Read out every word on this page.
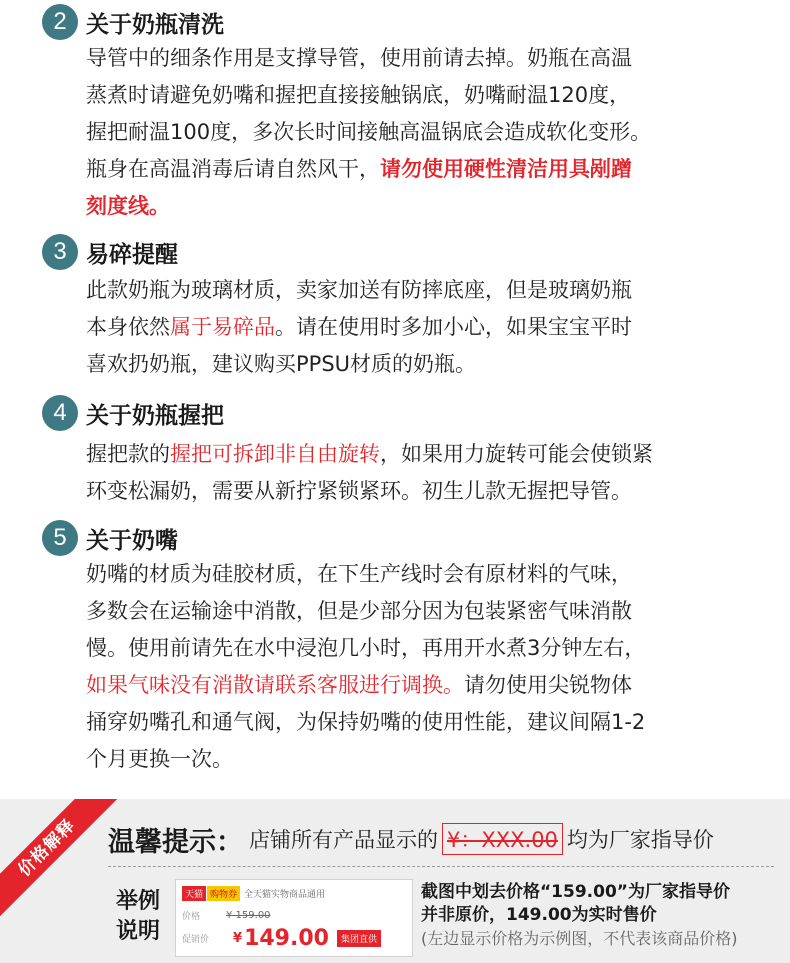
2 关于奶瓶清洗
导管中的细条作用是支撑导管，使用前请去掉。奶瓶在高温
蒸煮时请避免奶嘴和握把直接接触锅底，奶嘴耐温120度，
握把耐温100度，多次长时间接触高温锅底会造成软化变形。
瓶身在高温消毒后请自然风干，请勿使用硬性清洁用具剐蹭
刻度线。
3 易碎提醒
此款奶瓶为玻璃材质，卖家加送有防摔底座，但是玻璃奶瓶
本身依然属于易碎品。请在使用时多加小心，如果宝宝平时
喜欢扔奶瓶，建议购买PPSU材质的奶瓶。
4 关于奶瓶握把
握把款的握把可拆卸非自由旋转，如果用力旋转可能会使锁紧
环变松漏奶，需要从新拧紧锁紧环。初生儿款无握把导管。
5 关于奶嘴
奶嘴的材质为硅胶材质，在下生产线时会有原材料的气味，
多数会在运输途中消散，但是少部分因为包装紧密气味消散
慢。使用前请先在水中浸泡几小时，再用开水煮3分钟左右，
如果气味没有消散请联系客服进行调换。请勿使用尖锐物体
捅穿奶嘴孔和通气阀，为保持奶嘴的使用性能，建议间隔1-2
个月更换一次。
价格解释	温馨提示： 店铺所有产品显示的 ¥：XXX.00 均为厂家指导价
举例
说明
天猫 购物券 全天猫实物商品通用
价格	¥ 159.00
促销价 ¥ 149.00	集团直供
截图中划去价格“159.00”为厂家指导价
并非原价，149.00为实时售价
(左边显示价格为示例图，不代表该商品价格)
